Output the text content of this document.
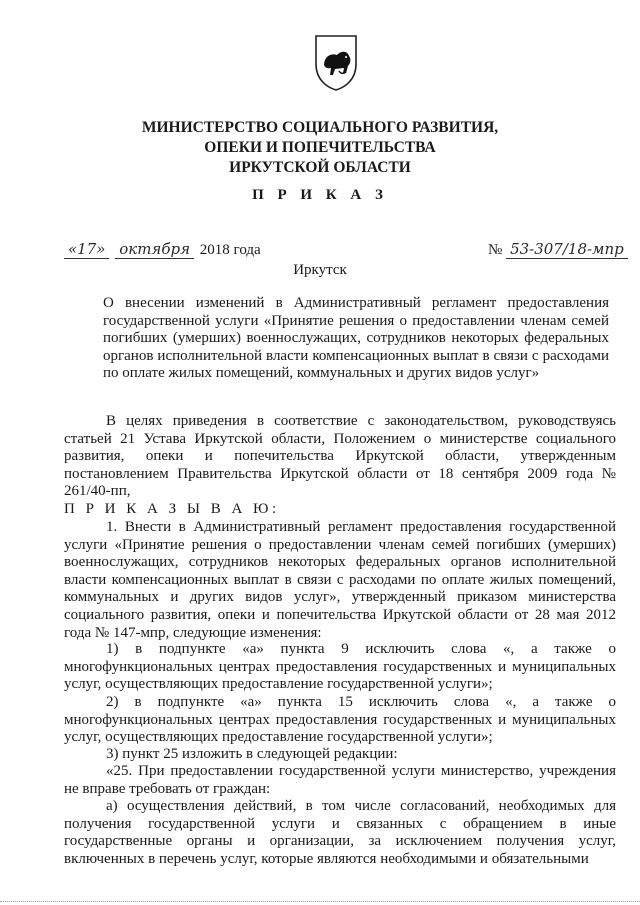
МИНИСТЕРСТВО СОЦИАЛЬНОГО РАЗВИТИЯ,
ОПЕКИ И ПОПЕЧИТЕЛЬСТВА
ИРКУТСКОЙ ОБЛАСТИ
П Р И К А З
«17» октября 2018 года	№ 53-307/18-мпр
Иркутск
О внесении изменений в Административный регламент предоставления государственной услуги «Принятие решения о предоставлении членам семей погибших (умерших) военнослужащих, сотрудников некоторых федеральных органов исполнительной власти компенсационных выплат в связи с расходами по оплате жилых помещений, коммунальных и других видов услуг»
В целях приведения в соответствие с законодательством, руководствуясь статьей 21 Устава Иркутской области, Положением о министерстве социального развития, опеки и попечительства Иркутской области, утвержденным постановлением Правительства Иркутской области от 18 сентября 2009 года № 261/40-пп,
П Р И К А З Ы В А Ю:
1. Внести в Административный регламент предоставления государственной услуги «Принятие решения о предоставлении членам семей погибших (умерших) военнослужащих, сотрудников некоторых федеральных органов исполнительной власти компенсационных выплат в связи с расходами по оплате жилых помещений, коммунальных и других видов услуг», утвержденный приказом министерства социального развития, опеки и попечительства Иркутской области от 28 мая 2012 года № 147-мпр, следующие изменения:
1) в подпункте «а» пункта 9 исключить слова «, а также о многофункциональных центрах предоставления государственных и муниципальных услуг, осуществляющих предоставление государственной услуги»;
2) в подпункте «а» пункта 15 исключить слова «, а также о многофункциональных центрах предоставления государственных и муниципальных услуг, осуществляющих предоставление государственной услуги»;
3) пункт 25 изложить в следующей редакции:
«25. При предоставлении государственной услуги министерство, учреждения не вправе требовать от граждан:
а) осуществления действий, в том числе согласований, необходимых для получения государственной услуги и связанных с обращением в иные государственные органы и организации, за исключением получения услуг, включенных в перечень услуг, которые являются необходимыми и обязательными
